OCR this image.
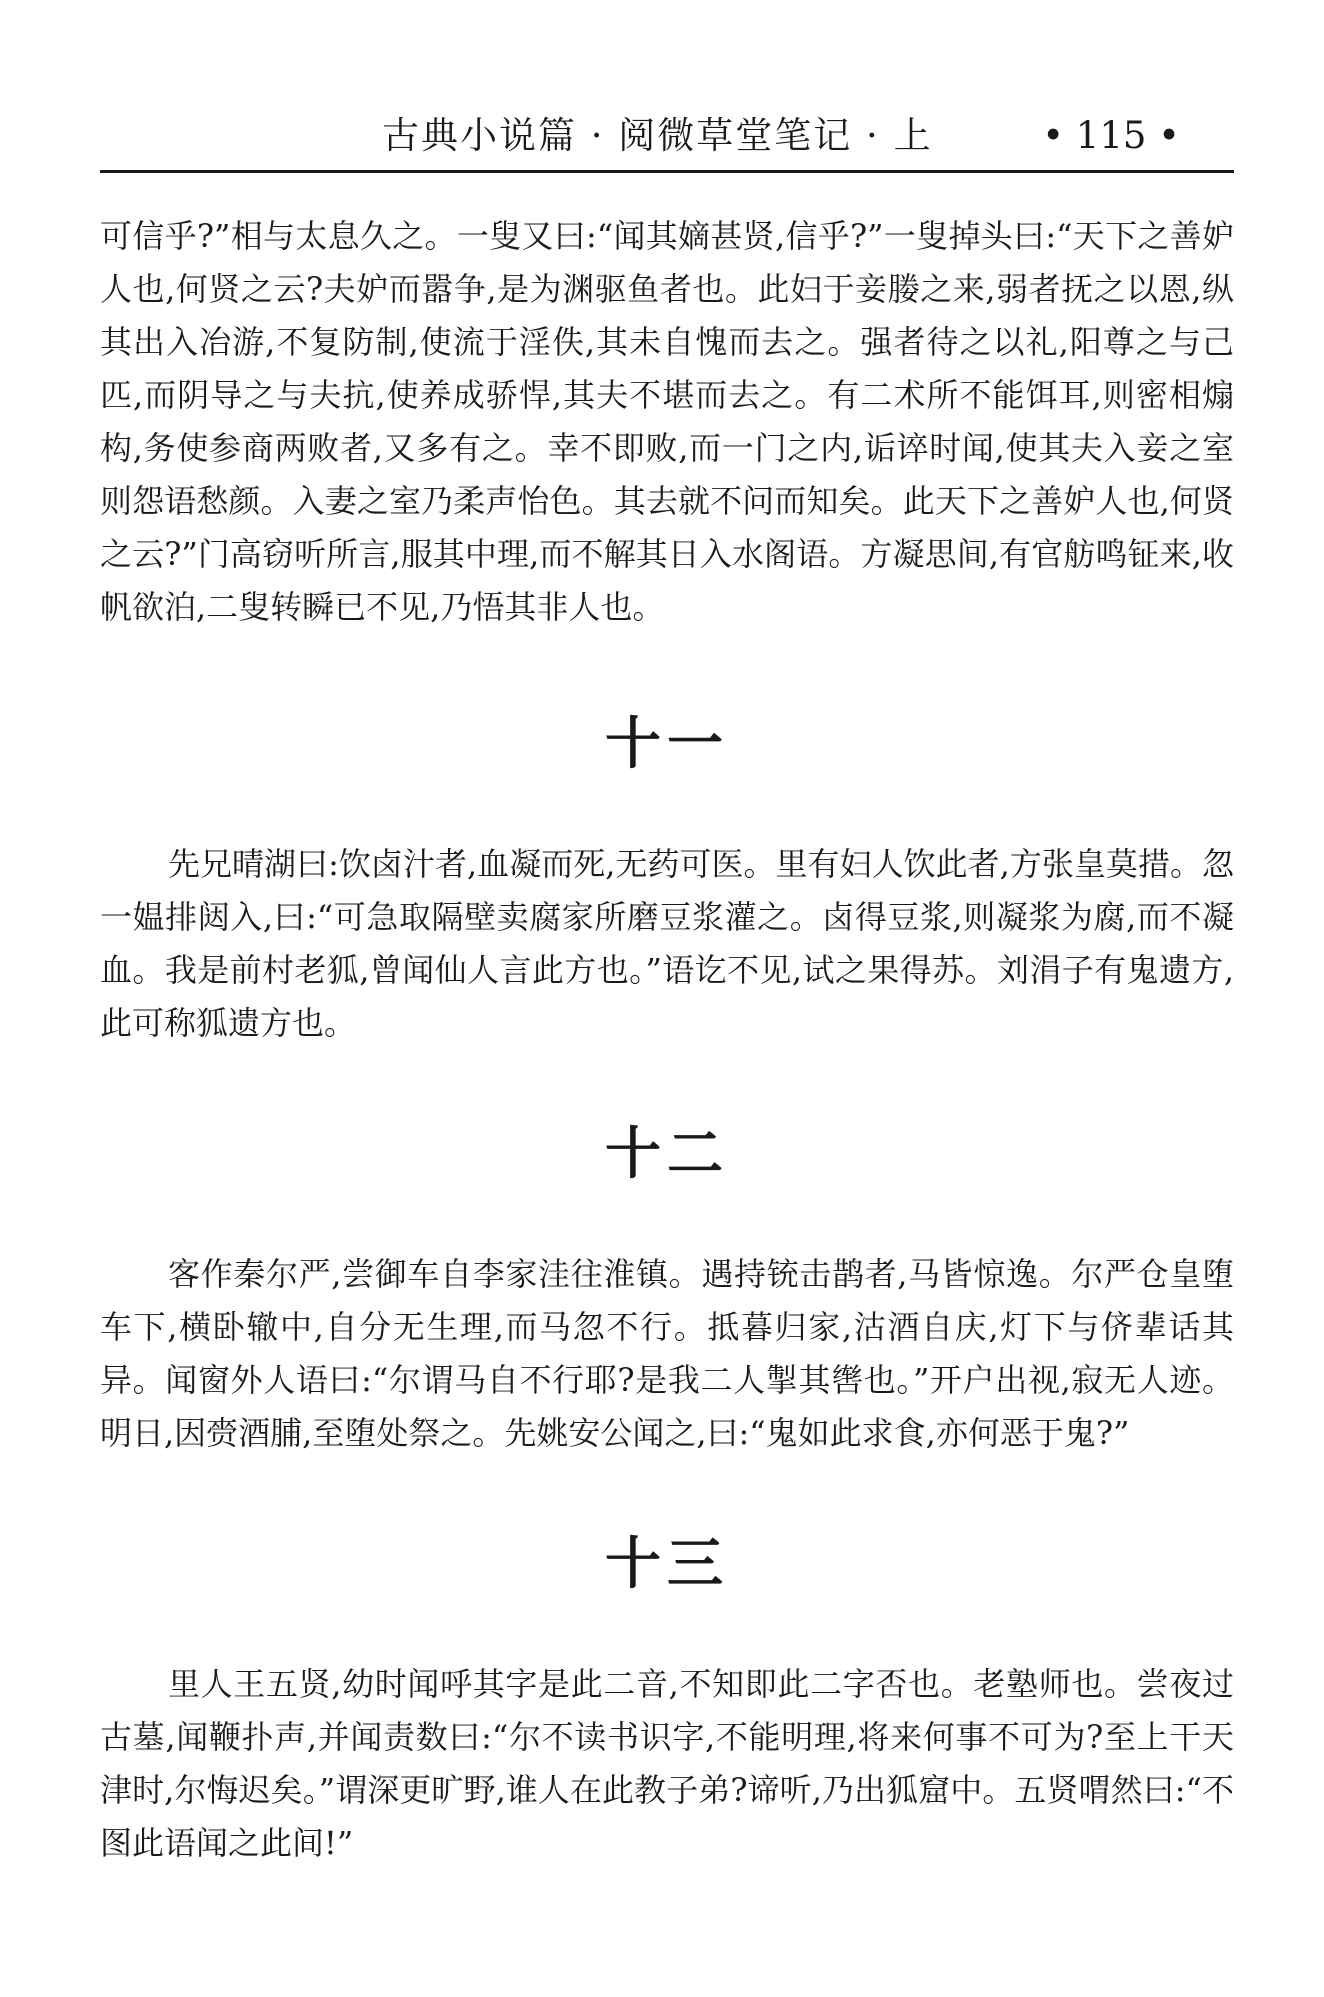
古典小说篇 · 阅微草堂笔记 · 上	• 115 •

可信乎?”相与太息久之。一叟又曰:“闻其嫡甚贤,信乎?”一叟掉头曰:“天下之善妒人也,何贤之云?夫妒而嚣争,是为渊驱鱼者也。此妇于妾媵之来,弱者抚之以恩,纵其出入冶游,不复防制,使流于淫佚,其未自愧而去之。强者待之以礼,阳尊之与己匹,而阴导之与夫抗,使养成骄悍,其夫不堪而去之。有二术所不能饵耳,则密相煽构,务使参商两败者,又多有之。幸不即败,而一门之内,诟谇时闻,使其夫入妾之室则怨语愁颜。入妻之室乃柔声怡色。其去就不问而知矣。此天下之善妒人也,何贤之云?”门高窃听所言,服其中理,而不解其日入水阁语。方凝思间,有官舫鸣钲来,收帆欲泊,二叟转瞬已不见,乃悟其非人也。

十一

先兄晴湖曰:饮卤汁者,血凝而死,无药可医。里有妇人饮此者,方张皇莫措。忽一媪排闼入,曰:“可急取隔壁卖腐家所磨豆浆灌之。卤得豆浆,则凝浆为腐,而不凝血。我是前村老狐,曾闻仙人言此方也。”语讫不见,试之果得苏。刘涓子有鬼遗方,此可称狐遗方也。

十二

客作秦尔严,尝御车自李家洼往淮镇。遇持铳击鹊者,马皆惊逸。尔严仓皇堕车下,横卧辙中,自分无生理,而马忽不行。抵暮归家,沽酒自庆,灯下与侪辈话其异。闻窗外人语曰:“尔谓马自不行耶?是我二人掣其辔也。”开户出视,寂无人迹。明日,因赍酒脯,至堕处祭之。先姚安公闻之,曰:“鬼如此求食,亦何恶于鬼?”

十三

里人王五贤,幼时闻呼其字是此二音,不知即此二字否也。老塾师也。尝夜过古墓,闻鞭扑声,并闻责数曰:“尔不读书识字,不能明理,将来何事不可为?至上干天津时,尔悔迟矣。”谓深更旷野,谁人在此教子弟?谛听,乃出狐窟中。五贤喟然曰:“不图此语闻之此间!”
